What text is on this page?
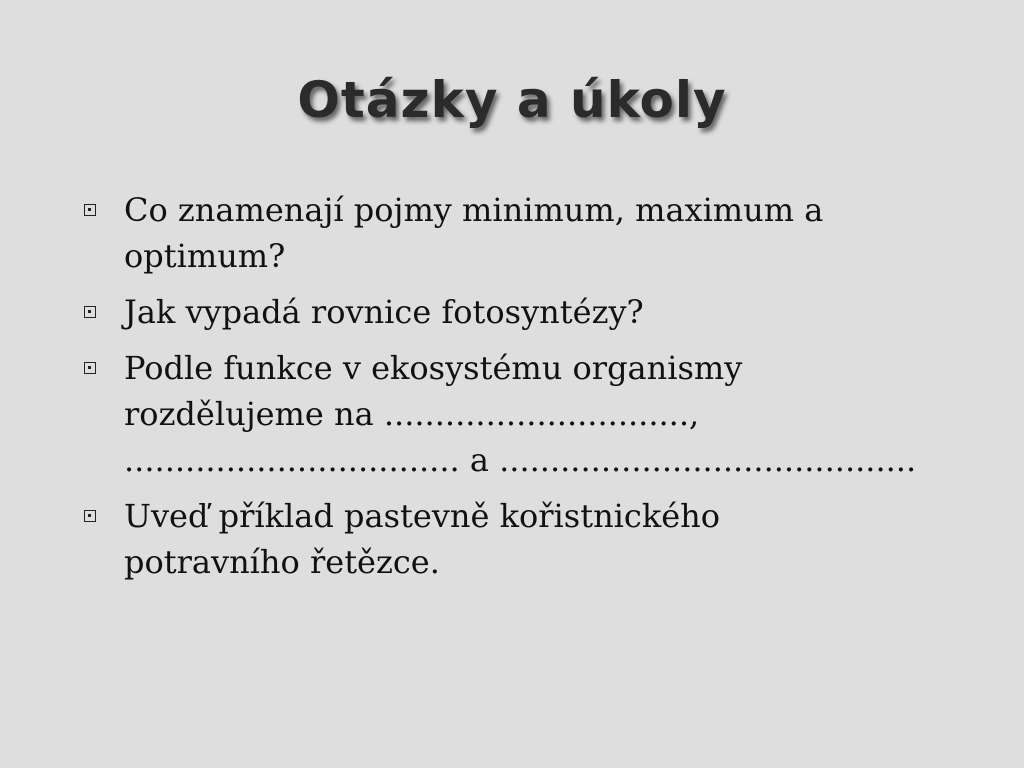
Otázky a úkoly
Co znamenají pojmy minimum, maximum a
optimum?
Jak vypadá rovnice fotosyntézy?
Podle funkce v ekosystému organismy
rozdělujeme na ..............................,
................................. a .........................................
Uveď příklad pastevně kořistnického
potravního řetězce.
